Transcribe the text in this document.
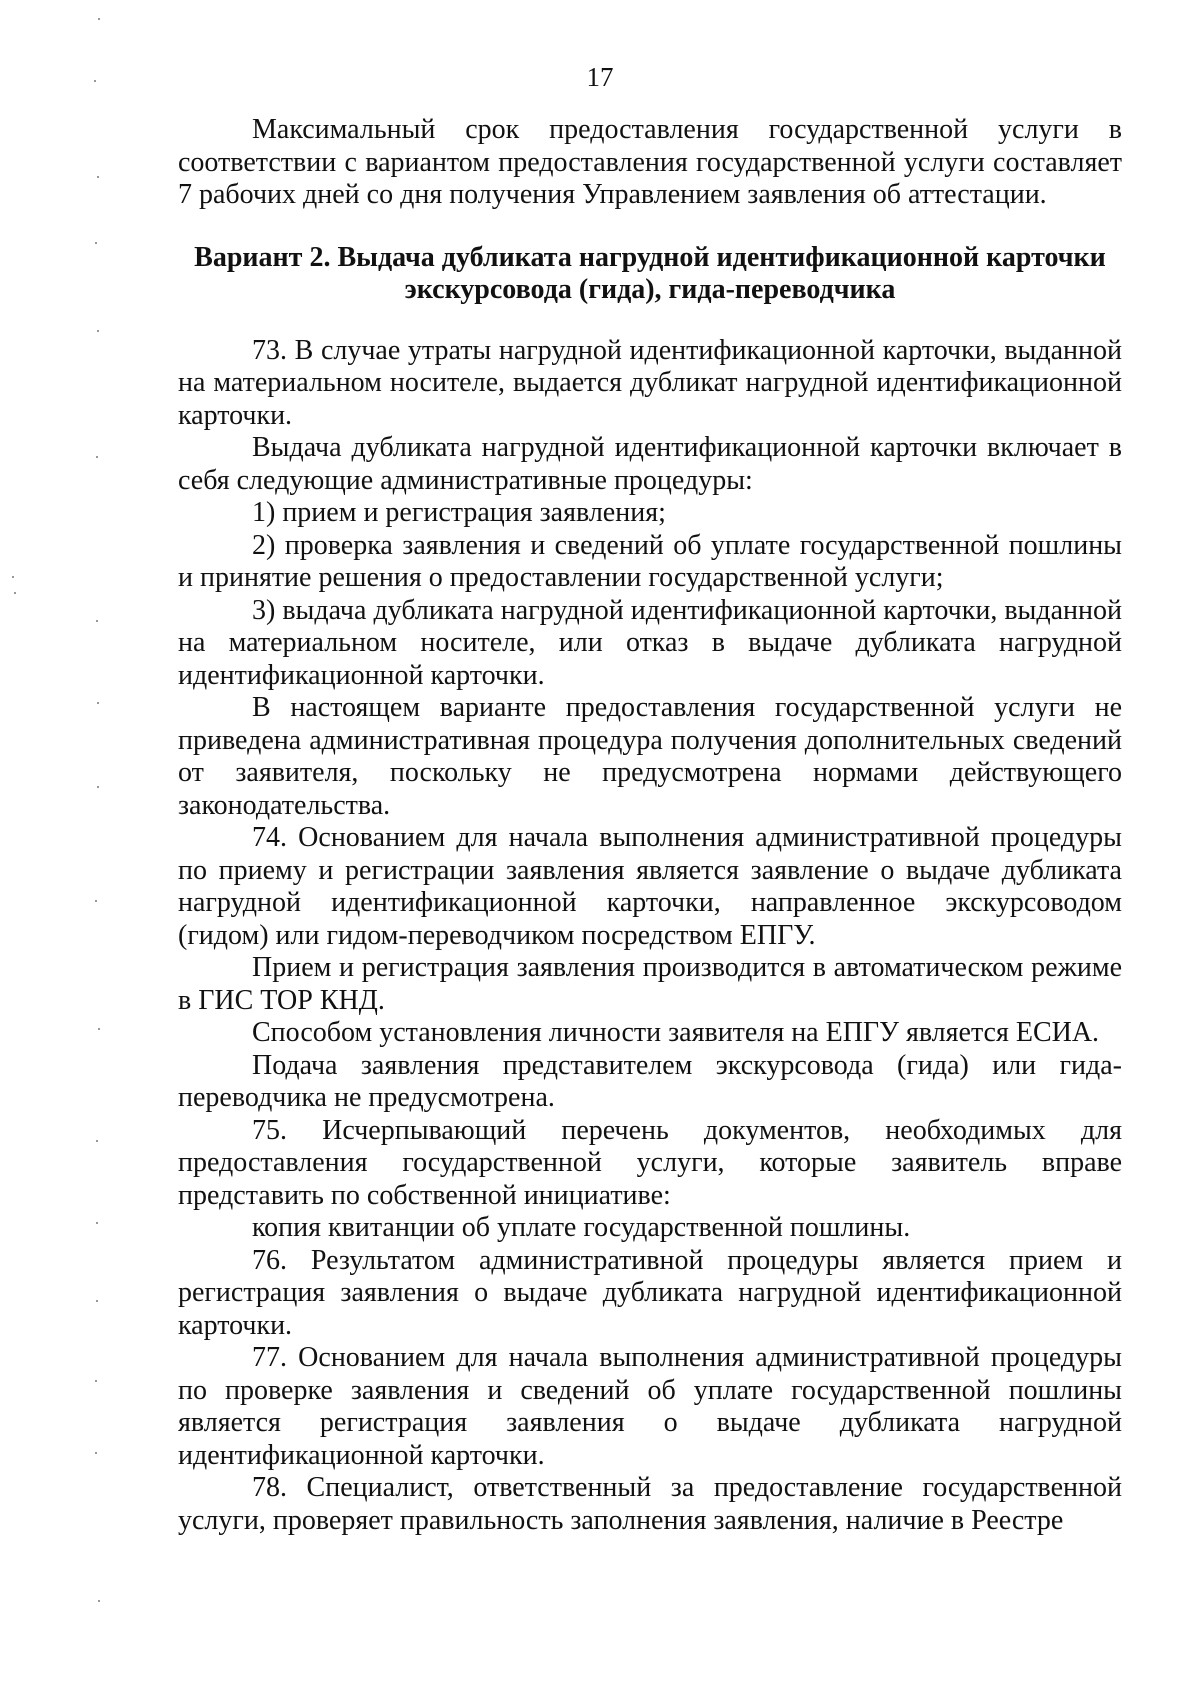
17

Максимальный срок предоставления государственной услуги в соответствии с вариантом предоставления государственной услуги составляет 7 рабочих дней со дня получения Управлением заявления об аттестации.

Вариант 2. Выдача дубликата нагрудной идентификационной карточки экскурсовода (гида), гида-переводчика

73. В случае утраты нагрудной идентификационной карточки, выданной на материальном носителе, выдается дубликат нагрудной идентификационной карточки.

Выдача дубликата нагрудной идентификационной карточки включает в себя следующие административные процедуры:

1) прием и регистрация заявления;

2) проверка заявления и сведений об уплате государственной пошлины и принятие решения о предоставлении государственной услуги;

3) выдача дубликата нагрудной идентификационной карточки, выданной на материальном носителе, или отказ в выдаче дубликата нагрудной идентификационной карточки.

В настоящем варианте предоставления государственной услуги не приведена административная процедура получения дополнительных сведений от заявителя, поскольку не предусмотрена нормами действующего законодательства.

74. Основанием для начала выполнения административной процедуры по приему и регистрации заявления является заявление о выдаче дубликата нагрудной идентификационной карточки, направленное экскурсоводом (гидом) или гидом-переводчиком посредством ЕПГУ.

Прием и регистрация заявления производится в автоматическом режиме в ГИС ТОР КНД.

Способом установления личности заявителя на ЕПГУ является ЕСИА.

Подача заявления представителем экскурсовода (гида) или гида-переводчика не предусмотрена.

75. Исчерпывающий перечень документов, необходимых для предоставления государственной услуги, которые заявитель вправе представить по собственной инициативе:

копия квитанции об уплате государственной пошлины.

76. Результатом административной процедуры является прием и регистрация заявления о выдаче дубликата нагрудной идентификационной карточки.

77. Основанием для начала выполнения административной процедуры по проверке заявления и сведений об уплате государственной пошлины является регистрация заявления о выдаче дубликата нагрудной идентификационной карточки.

78. Специалист, ответственный за предоставление государственной услуги, проверяет правильность заполнения заявления, наличие в Реестре
